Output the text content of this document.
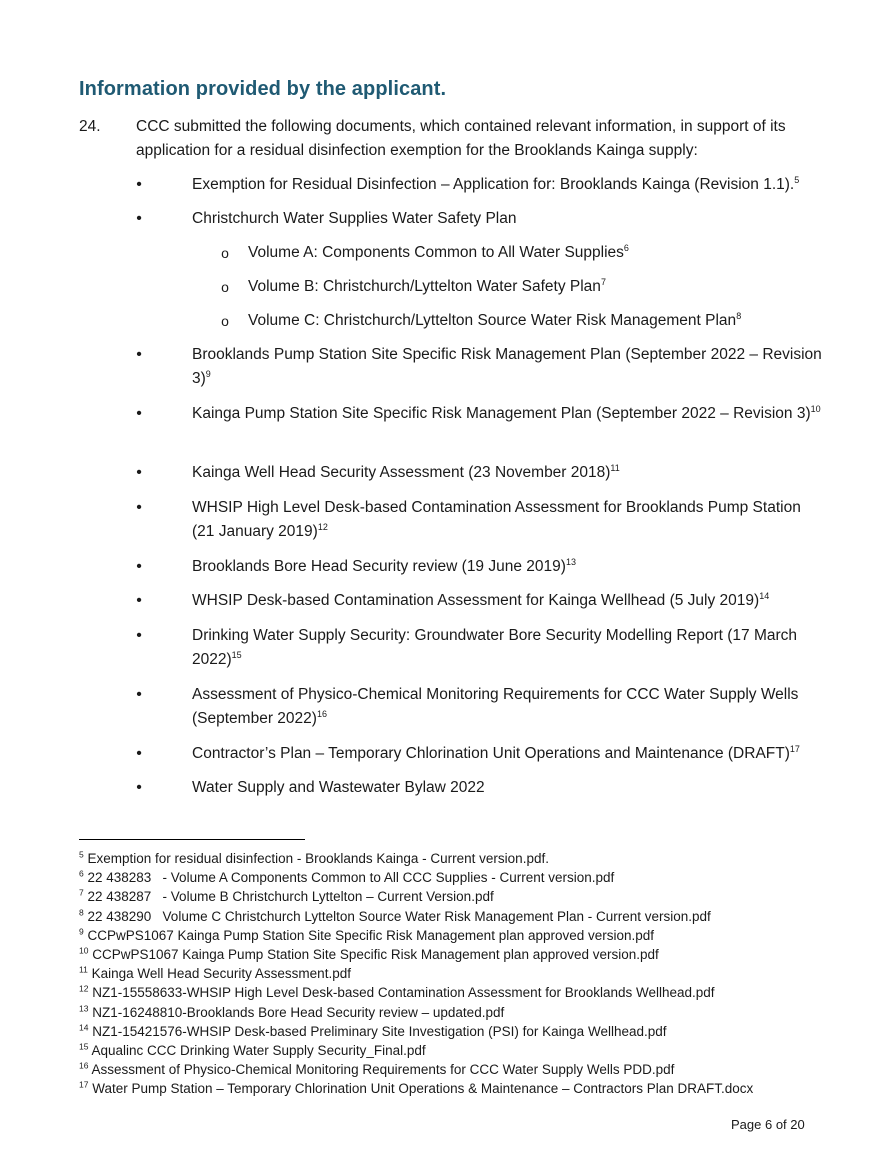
Information provided by the applicant.
24. CCC submitted the following documents, which contained relevant information, in support of its application for a residual disinfection exemption for the Brooklands Kainga supply:
•	Exemption for Residual Disinfection – Application for: Brooklands Kainga (Revision 1.1).$^5$
•	Christchurch Water Supplies Water Safety Plan
o Volume A: Components Common to All Water Supplies$^6$
o Volume B: Christchurch/Lyttelton Water Safety Plan$^7$
o Volume C: Christchurch/Lyttelton Source Water Risk Management Plan$^8$
•	Brooklands Pump Station Site Specific Risk Management Plan (September 2022 – Revision 3)$^9$
•	Kainga Pump Station Site Specific Risk Management Plan (September 2022 – Revision 3)$^{10}$
•	Kainga Well Head Security Assessment (23 November 2018)$^{11}$
•	WHSIP High Level Desk-based Contamination Assessment for Brooklands Pump Station (21 January 2019)$^{12}$
•	Brooklands Bore Head Security review (19 June 2019)$^{13}$
•	WHSIP Desk-based Contamination Assessment for Kainga Wellhead (5 July 2019)$^{14}$
•	Drinking Water Supply Security: Groundwater Bore Security Modelling Report (17 March 2022)$^{15}$
•	Assessment of Physico-Chemical Monitoring Requirements for CCC Water Supply Wells (September 2022)$^{16}$
•	Contractor’s Plan – Temporary Chlorination Unit Operations and Maintenance (DRAFT)$^{17}$
•	Water Supply and Wastewater Bylaw 2022
$^5$ Exemption for residual disinfection - Brooklands Kainga - Current version.pdf.
$^6$ 22 438283   - Volume A Components Common to All CCC Supplies - Current version.pdf
$^7$ 22 438287   - Volume B Christchurch Lyttelton – Current Version.pdf
$^8$ 22 438290   Volume C Christchurch Lyttelton Source Water Risk Management Plan - Current version.pdf
$^9$ CCPwPS1067 Kainga Pump Station Site Specific Risk Management plan approved version.pdf
$^{10}$ CCPwPS1067 Kainga Pump Station Site Specific Risk Management plan approved version.pdf
$^{11}$ Kainga Well Head Security Assessment.pdf
$^{12}$ NZ1-15558633-WHSIP High Level Desk-based Contamination Assessment for Brooklands Wellhead.pdf
$^{13}$ NZ1-16248810-Brooklands Bore Head Security review – updated.pdf
$^{14}$ NZ1-15421576-WHSIP Desk-based Preliminary Site Investigation (PSI) for Kainga Wellhead.pdf
$^{15}$ Aqualinc CCC Drinking Water Supply Security_Final.pdf
$^{16}$ Assessment of Physico-Chemical Monitoring Requirements for CCC Water Supply Wells PDD.pdf
$^{17}$ Water Pump Station – Temporary Chlorination Unit Operations & Maintenance – Contractors Plan DRAFT.docx
Page 6 of 20
